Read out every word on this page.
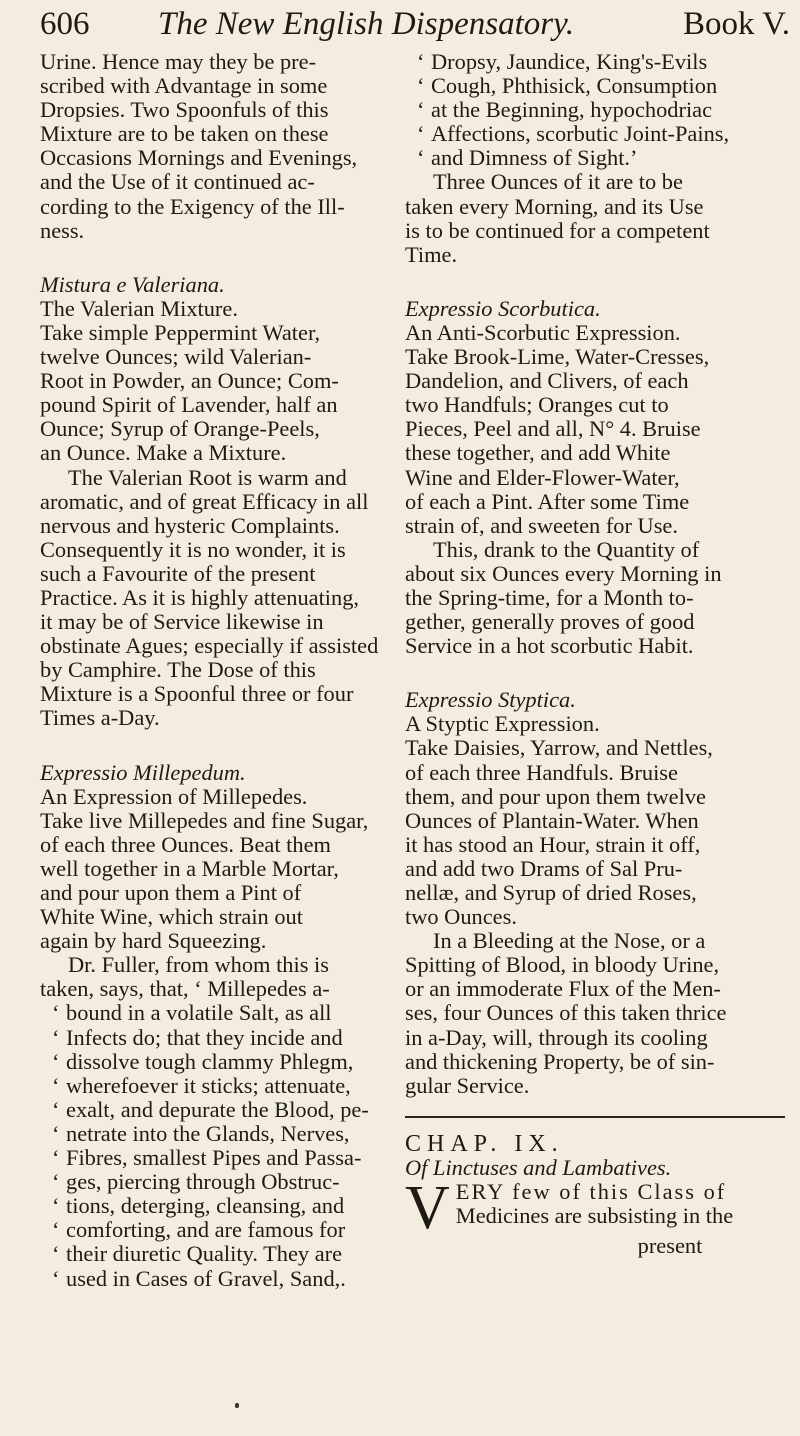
606 The New English Dispensatory.	Book V.
Urine. Hence may they be pre-
scribed with Advantage in some
Dropsies. Two Spoonfuls of this
Mixture are to be taken on these
Occasions Mornings and Evenings,
and the Use of it continued ac-
cording to the Exigency of the Ill-
ness.

Mistura e Valeriana.

The Valerian Mixture.

Take simple Peppermint Water,
twelve Ounces; wild Valerian-
Root in Powder, an Ounce; Com-
pound Spirit of Lavender, half an
Ounce; Syrup of Orange-Peels,
an Ounce. Make a Mixture.
The Valerian Root is warm and
aromatic, and of great Efficacy in all
nervous and hysteric Complaints.
Consequently it is no wonder, it is
such a Favourite of the present
Practice. As it is highly attenuating,
it may be of Service likewise in
obstinate Agues; especially if assisted
by Camphire. The Dose of this
Mixture is a Spoonful three or four
Times a-Day.

Expressio Millepedum.

An Expression of Millepedes.

Take live Millepedes and fine Sugar,
of each three Ounces. Beat them
well together in a Marble Mortar,
and pour upon them a Pint of
White Wine, which strain out
again by hard Squeezing.
Dr. Fuller, from whom this is
taken, says, that, ‘ Millepedes a-
‘ bound in a volatile Salt, as all
‘ Infects do; that they incide and
‘ dissolve tough clammy Phlegm,
‘ wherefoever it sticks; attenuate,
‘ exalt, and depurate the Blood, pe-
‘ netrate into the Glands, Nerves,
‘ Fibres, smallest Pipes and Passa-
‘ ges, piercing through Obstruc-
‘ tions, deterging, cleansing, and
‘ comforting, and are famous for
‘ their diuretic Quality. They are
‘ used in Cases of Gravel, Sand,.
‘ Dropsy, Jaundice, King's-Evils
‘ Cough, Phthisick, Consumption
‘ at the Beginning, hypochodriac
‘ Affections, scorbutic Joint-Pains,
‘ and Dimness of Sight.’
Three Ounces of it are to be
taken every Morning, and its Use
is to be continued for a competent
Time.

Expressio Scorbutica.

An Anti-Scorbutic Expression.

Take Brook-Lime, Water-Cresses,
Dandelion, and Clivers, of each
two Handfuls; Oranges cut to
Pieces, Peel and all, N° 4. Bruise
these together, and add White
Wine and Elder-Flower-Water,
of each a Pint. After some Time
strain of, and sweeten for Use.
This, drank to the Quantity of
about six Ounces every Morning in
the Spring-time, for a Month to-
gether, generally proves of good
Service in a hot scorbutic Habit.

Expressio Styptica.

A Styptic Expression.

Take Daisies, Yarrow, and Nettles,
of each three Handfuls. Bruise
them, and pour upon them twelve
Ounces of Plantain-Water. When
it has stood an Hour, strain it off,
and add two Drams of Sal Pru-
nellæ, and Syrup of dried Roses,
two Ounces.
In a Bleeding at the Nose, or a
Spitting of Blood, in bloody Urine,
or an immoderate Flux of the Men-
ses, four Ounces of this taken thrice
in a-Day, will, through its cooling
and thickening Property, be of sin-
gular Service.

CHAP. IX.

Of Linctuses and Lambatives.

V ERY few of this Class of
Medicines are subsisting in the
present
